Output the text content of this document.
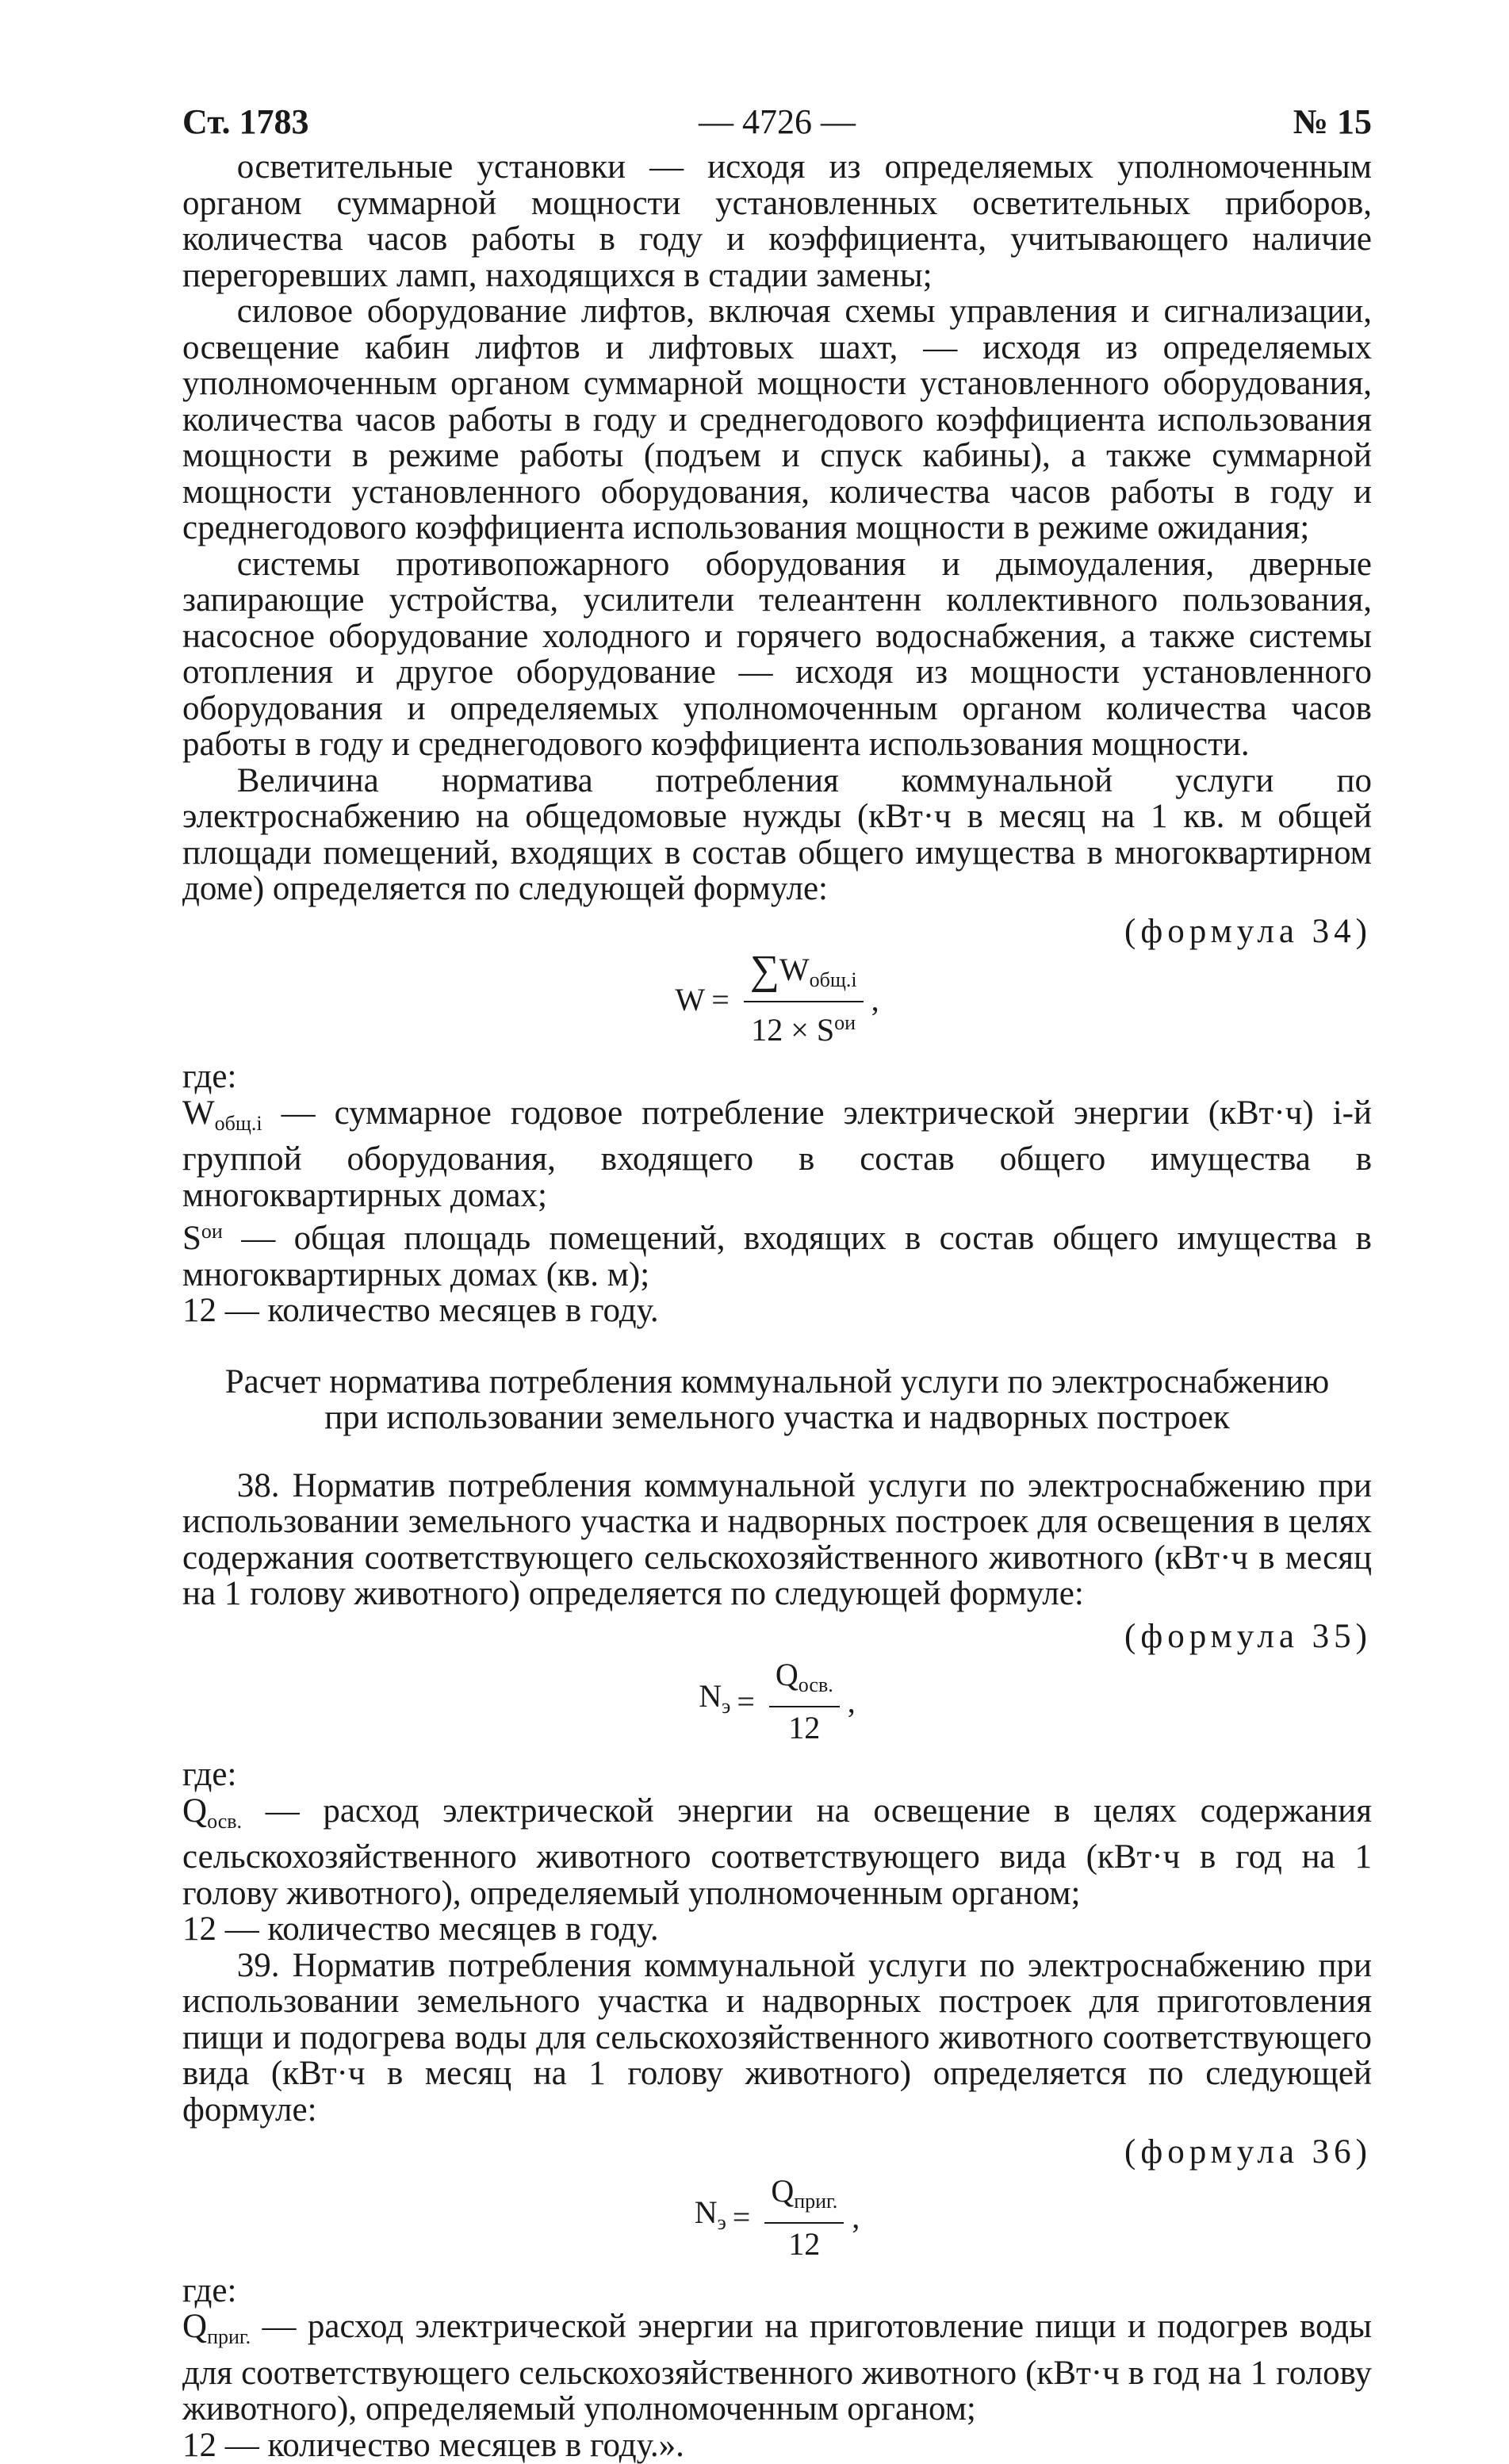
Ст. 1783	— 4726 —	№ 15

осветительные установки — исходя из определяемых уполномоченным органом суммарной мощности установленных осветительных приборов, количества часов работы в году и коэффициента, учитывающего наличие перегоревших ламп, находящихся в стадии замены;

силовое оборудование лифтов, включая схемы управления и сигнализации, освещение кабин лифтов и лифтовых шахт, — исходя из определяемых уполномоченным органом суммарной мощности установленного оборудования, количества часов работы в году и среднегодового коэффициента использования мощности в режиме работы (подъем и спуск кабины), а также суммарной мощности установленного оборудования, количества часов работы в году и среднегодового коэффициента использования мощности в режиме ожидания;

системы противопожарного оборудования и дымоудаления, дверные запирающие устройства, усилители телеантенн коллективного пользования, насосное оборудование холодного и горячего водоснабжения, а также системы отопления и другое оборудование — исходя из мощности установленного оборудования и определяемых уполномоченным органом количества часов работы в году и среднегодового коэффициента использования мощности.

Величина норматива потребления коммунальной услуги по электроснабжению на общедомовые нужды (кВт·ч в месяц на 1 кв. м общей площади помещений, входящих в состав общего имущества в многоквартирном доме) определяется по следующей формуле:

(формула 34)

$W = \frac{\sum W_{общ.i}}{12 \times S^{ои}}$ ,

где:

$W_{общ.i}$ — суммарное годовое потребление электрической энергии (кВт·ч) i-й группой оборудования, входящего в состав общего имущества в многоквартирных домах;

$S^{ои}$ — общая площадь помещений, входящих в состав общего имущества в многоквартирных домах (кв. м);

12 — количество месяцев в году.

Расчет норматива потребления коммунальной услуги по электроснабжению
при использовании земельного участка и надворных построек

38. Норматив потребления коммунальной услуги по электроснабжению при использовании земельного участка и надворных построек для освещения в целях содержания соответствующего сельскохозяйственного животного (кВт·ч в месяц на 1 голову животного) определяется по следующей формуле:

(формула 35)

$N_э = \frac{Q_{осв.}}{12}$ ,

где:

$Q_{осв.}$ — расход электрической энергии на освещение в целях содержания сельскохозяйственного животного соответствующего вида (кВт·ч в год на 1 голову животного), определяемый уполномоченным органом;

12 — количество месяцев в году.

39. Норматив потребления коммунальной услуги по электроснабжению при использовании земельного участка и надворных построек для приготовления пищи и подогрева воды для сельскохозяйственного животного соответствующего вида (кВт·ч в месяц на 1 голову животного) определяется по следующей формуле:

(формула 36)

$N_э = \frac{Q_{приг.}}{12}$ ,

где:

$Q_{приг.}$ — расход электрической энергии на приготовление пищи и подогрев воды для соответствующего сельскохозяйственного животного (кВт·ч в год на 1 голову животного), определяемый уполномоченным органом;

12 — количество месяцев в году.».
